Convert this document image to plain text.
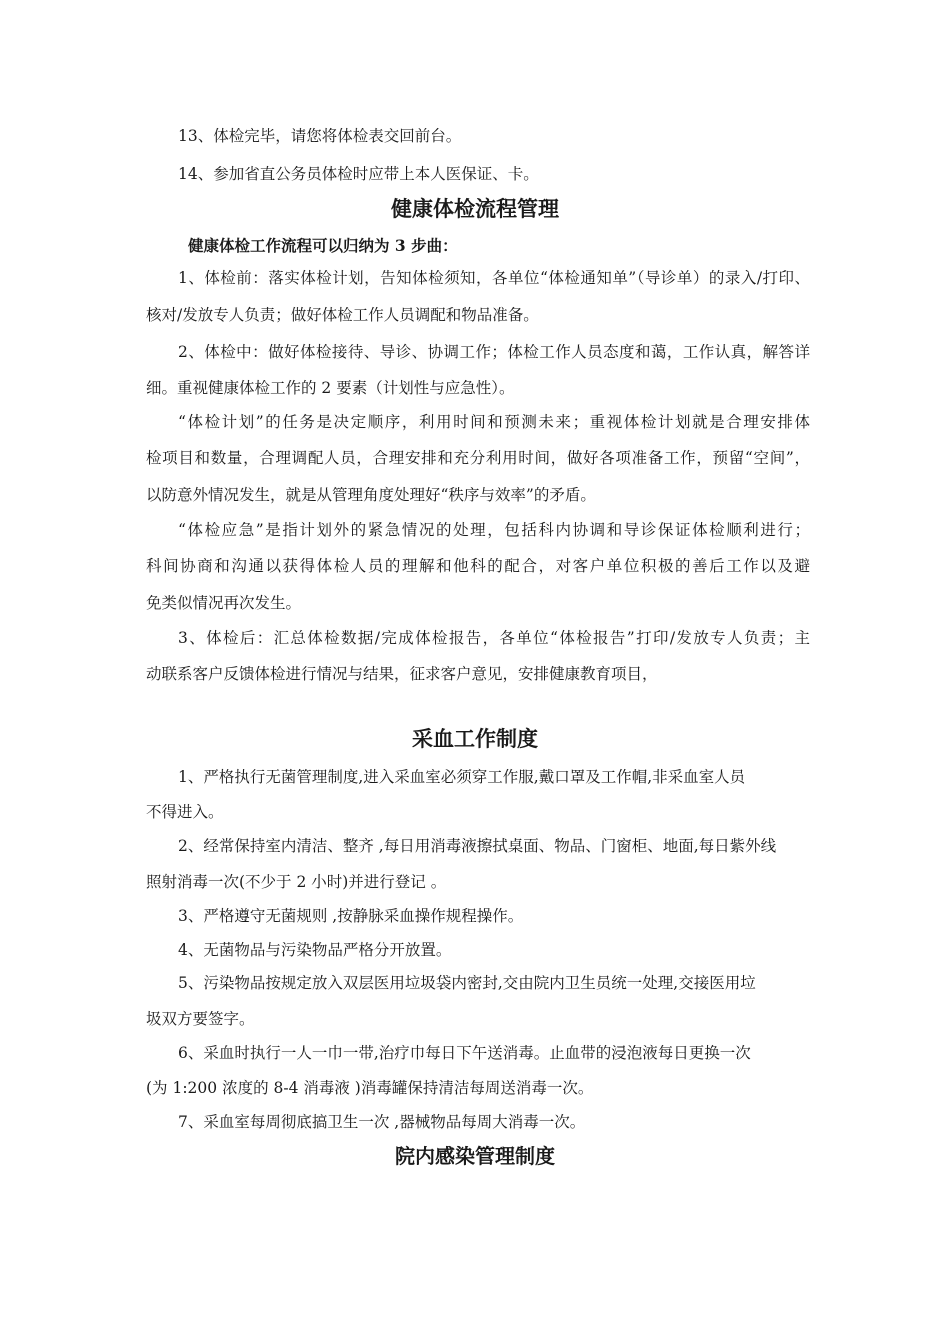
13、体检完毕，请您将体检表交回前台。
14、参加省直公务员体检时应带上本人医保证、卡。
健康体检流程管理
健康体检工作流程可以归纳为 3 步曲：
1、体检前：落实体检计划，告知体检须知，各单位“体检通知单”（导诊单）的录入/打印、
核对/发放专人负责；做好体检工作人员调配和物品准备。
2、体检中：做好体检接待、导诊、协调工作；体检工作人员态度和蔼，工作认真，解答详
细。重视健康体检工作的 2 要素（计划性与应急性）。
“体检计划”的任务是决定顺序，利用时间和预测未来；重视体检计划就是合理安排体
检项目和数量，合理调配人员，合理安排和充分利用时间，做好各项准备工作，预留“空间”，
以防意外情况发生，就是从管理角度处理好“秩序与效率”的矛盾。
“体检应急”是指计划外的紧急情况的处理，包括科内协调和导诊保证体检顺利进行；
科间协商和沟通以获得体检人员的理解和他科的配合，对客户单位积极的善后工作以及避
免类似情况再次发生。
3、体检后：汇总体检数据/完成体检报告，各单位“体检报告”打印/发放专人负责；主
动联系客户反馈体检进行情况与结果，征求客户意见，安排健康教育项目，
采血工作制度
1、严格执行无菌管理制度,进入采血室必须穿工作服,戴口罩及工作帽,非采血室人员
不得进入。
2、经常保持室内清洁、整齐 ,每日用消毒液擦拭桌面、物品、门窗柜、地面,每日紫外线
照射消毒一次(不少于 2 小时)并进行登记 。
3、严格遵守无菌规则 ,按静脉采血操作规程操作。
4、无菌物品与污染物品严格分开放置。
5、污染物品按规定放入双层医用垃圾袋内密封,交由院内卫生员统一处理,交接医用垃
圾双方要签字。
6、采血时执行一人一巾一带,治疗巾每日下午送消毒。止血带的浸泡液每日更换一次
(为 1:200 浓度的 8-4 消毒液 )消毒罐保持清洁每周送消毒一次。
7、采血室每周彻底搞卫生一次 ,器械物品每周大消毒一次。
院内感染管理制度
